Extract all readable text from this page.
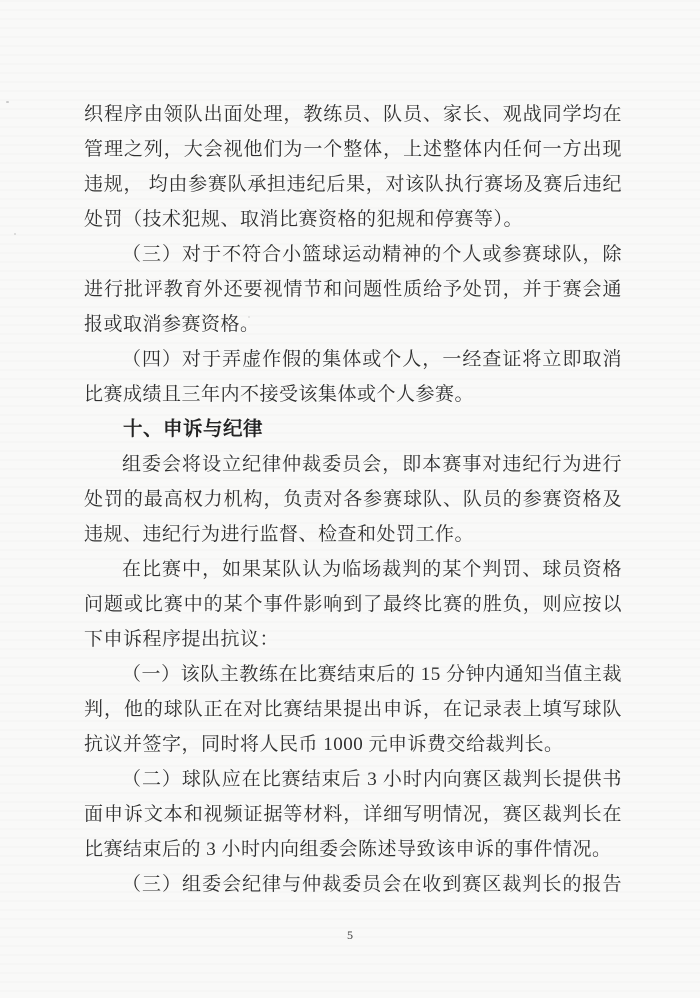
织程序由领队出面处理，教练员、队员、家长、观战同学均在
管理之列，大会视他们为一个整体，上述整体内任何一方出现
违规， 均由参赛队承担违纪后果，对该队执行赛场及赛后违纪
处罚（技术犯规、取消比赛资格的犯规和停赛等）。
（三）对于不符合小篮球运动精神的个人或参赛球队，除
进行批评教育外还要视情节和问题性质给予处罚，并于赛会通
报或取消参赛资格。
（四）对于弄虚作假的集体或个人，一经查证将立即取消
比赛成绩且三年内不接受该集体或个人参赛。
十、申诉与纪律
组委会将设立纪律仲裁委员会，即本赛事对违纪行为进行
处罚的最高权力机构，负责对各参赛球队、队员的参赛资格及
违规、违纪行为进行监督、检查和处罚工作。
在比赛中，如果某队认为临场裁判的某个判罚、球员资格
问题或比赛中的某个事件影响到了最终比赛的胜负，则应按以
下申诉程序提出抗议：
（一）该队主教练在比赛结束后的 15 分钟内通知当值主裁
判，他的球队正在对比赛结果提出申诉，在记录表上填写球队
抗议并签字，同时将人民币 1000 元申诉费交给裁判长。
（二）球队应在比赛结束后 3 小时内向赛区裁判长提供书
面申诉文本和视频证据等材料，详细写明情况，赛区裁判长在
比赛结束后的 3 小时内向组委会陈述导致该申诉的事件情况。
（三）组委会纪律与仲裁委员会在收到赛区裁判长的报告
5
